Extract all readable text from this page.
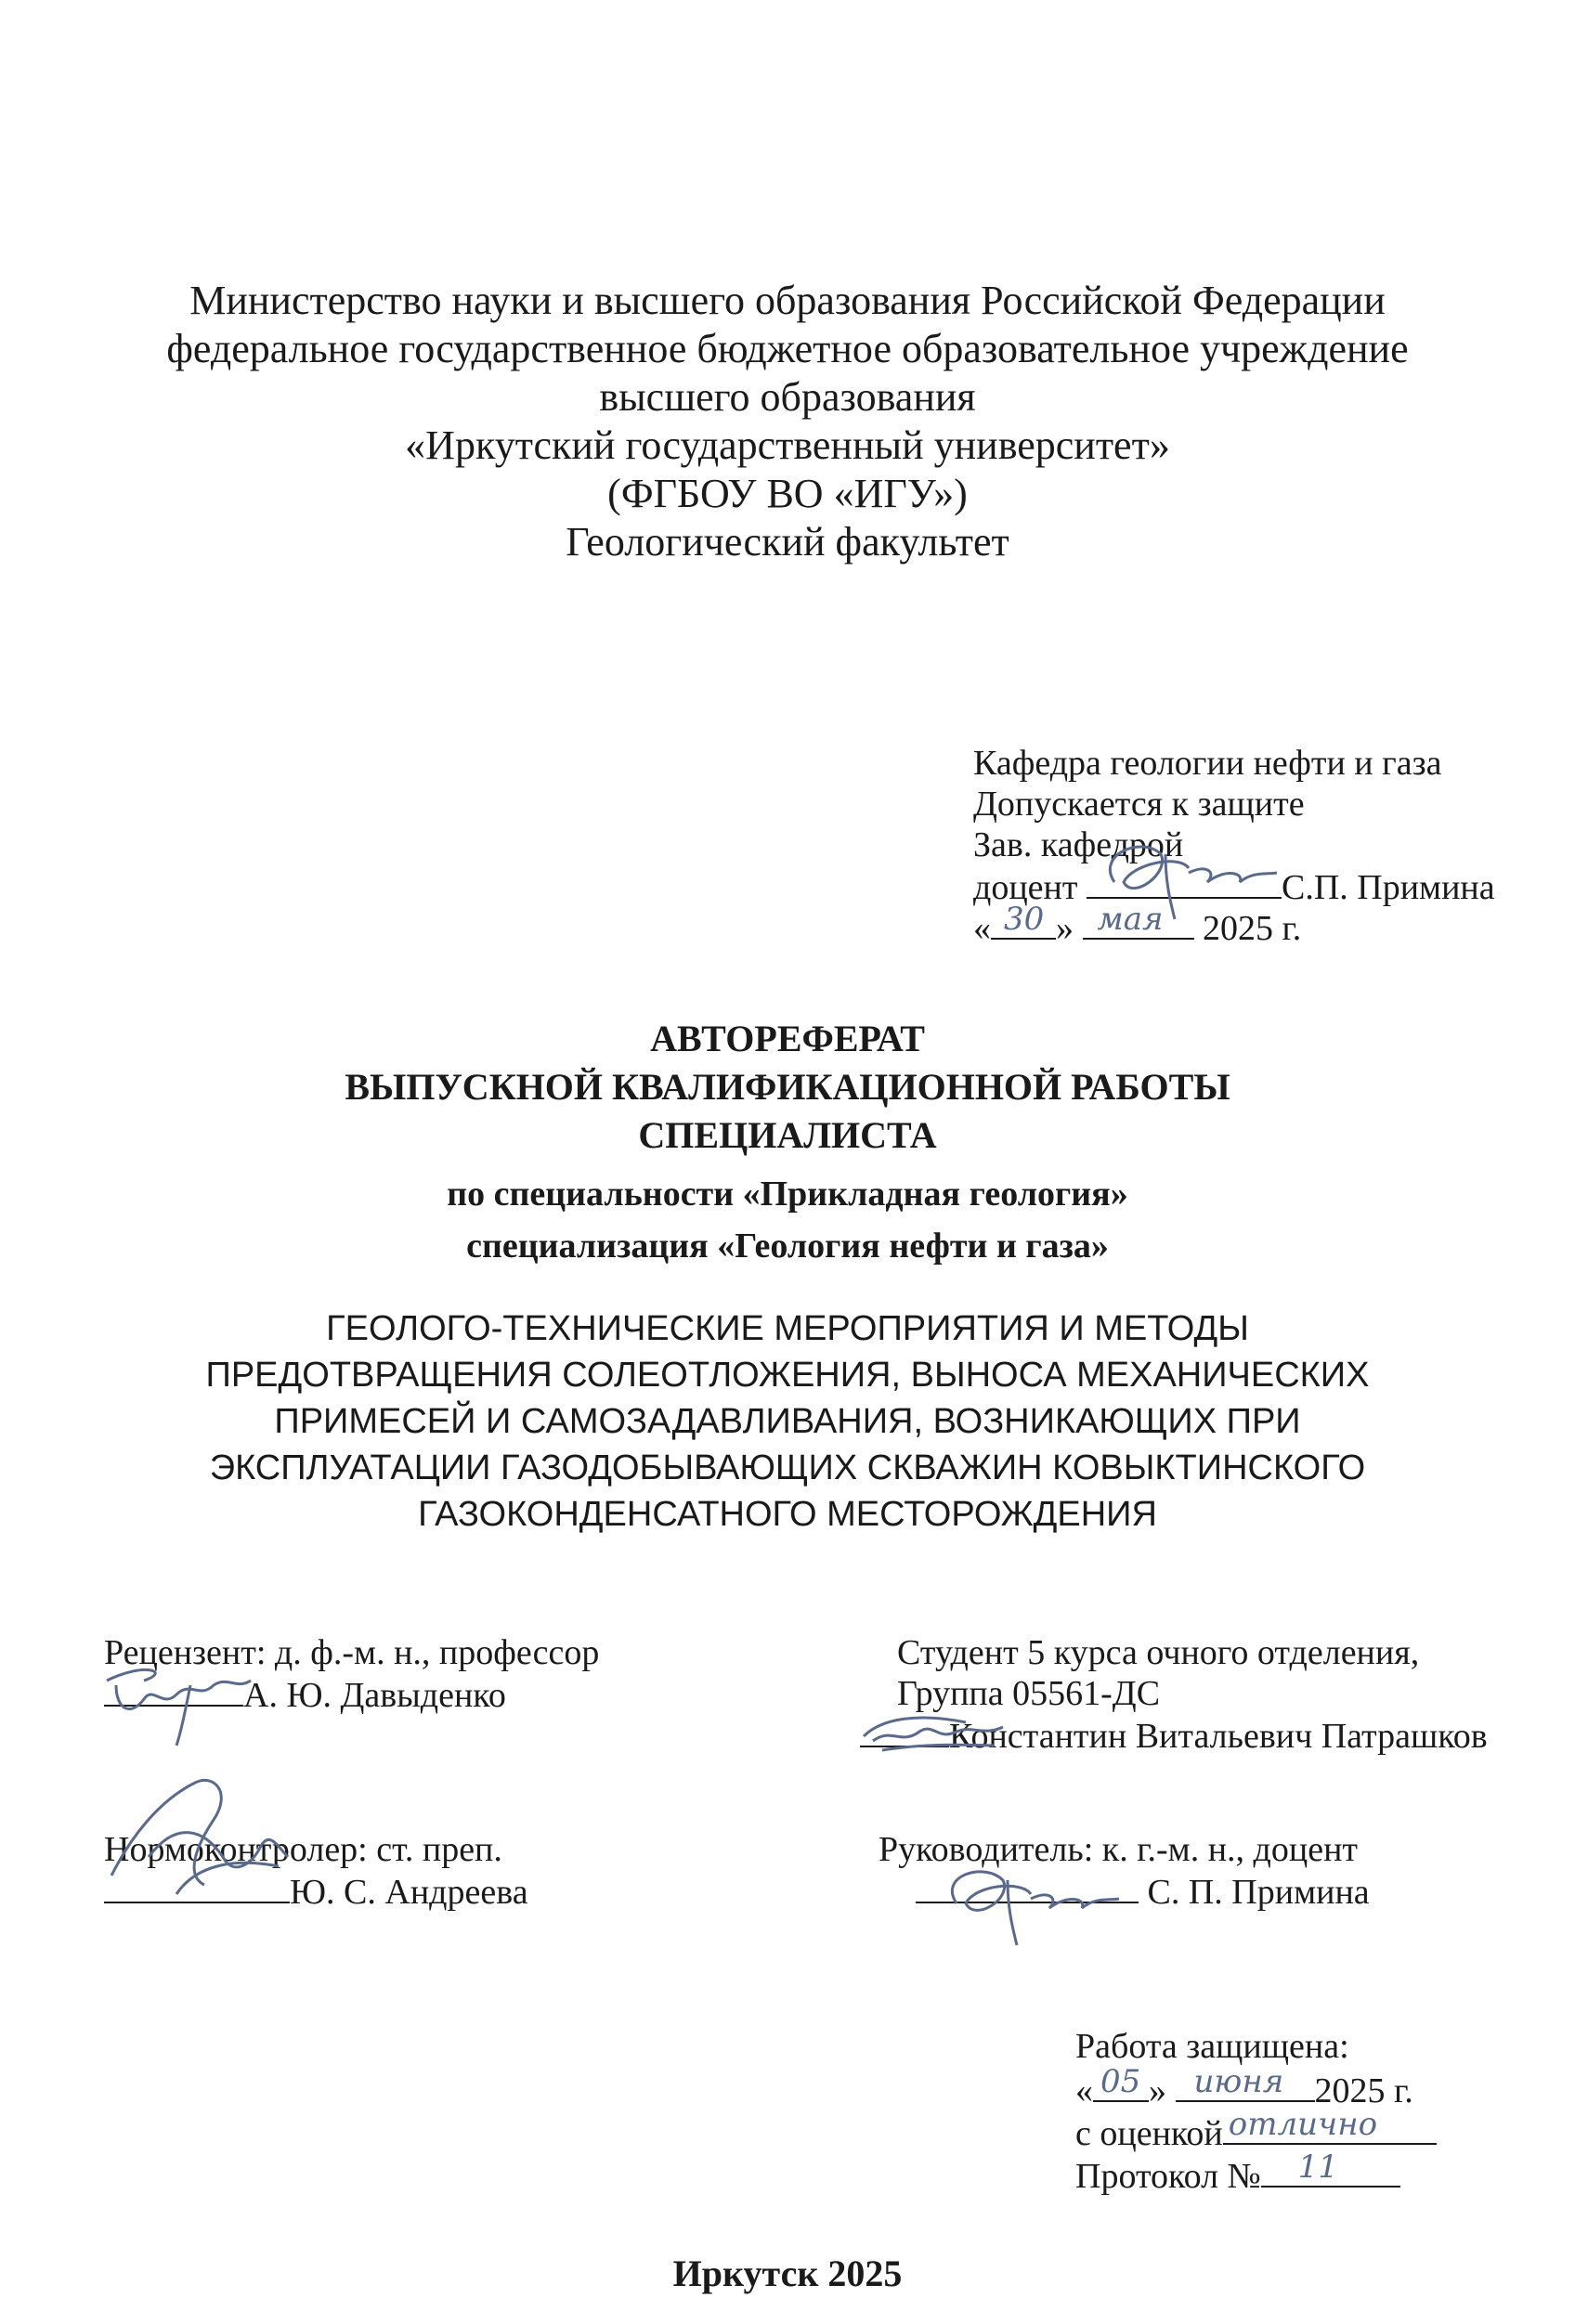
Министерство науки и высшего образования Российской Федерации
федеральное государственное бюджетное образовательное учреждение
высшего образования
«Иркутский государственный университет»
(ФГБОУ ВО «ИГУ»)
Геологический факультет
Кафедра геологии нефти и газа
Допускается к защите
Зав. кафедрой
доцент	С.П. Примина
« 30 » мая 2025 г.
АВТОРЕФЕРАТ
ВЫПУСКНОЙ КВАЛИФИКАЦИОННОЙ РАБОТЫ
СПЕЦИАЛИСТА
по специальности «Прикладная геология»
специализация «Геология нефти и газа»
ГЕОЛОГО-ТЕХНИЧЕСКИЕ МЕРОПРИЯТИЯ И МЕТОДЫ
ПРЕДОТВРАЩЕНИЯ СОЛЕОТЛОЖЕНИЯ, ВЫНОСА МЕХАНИЧЕСКИХ
ПРИМЕСЕЙ И САМОЗАДАВЛИВАНИЯ, ВОЗНИКАЮЩИХ ПРИ
ЭКСПЛУАТАЦИИ ГАЗОДОБЫВАЮЩИХ СКВАЖИН КОВЫКТИНСКОГО
ГАЗОКОНДЕНСАТНОГО МЕСТОРОЖДЕНИЯ
Рецензент: д. ф.-м. н., профессор
А. Ю. Давыденко
Студент 5 курса очного отделения,
Группа 05561-ДС
Константин Витальевич Патрашков
Нормоконтролер: ст. преп.
Ю. С. Андреева
Руководитель: к. г.-м. н., доцент
С. П. Примина
Работа защищена:
« 05 » июня 2025 г.
с оценкой отлично
Протокол № 11
Иркутск 2025
